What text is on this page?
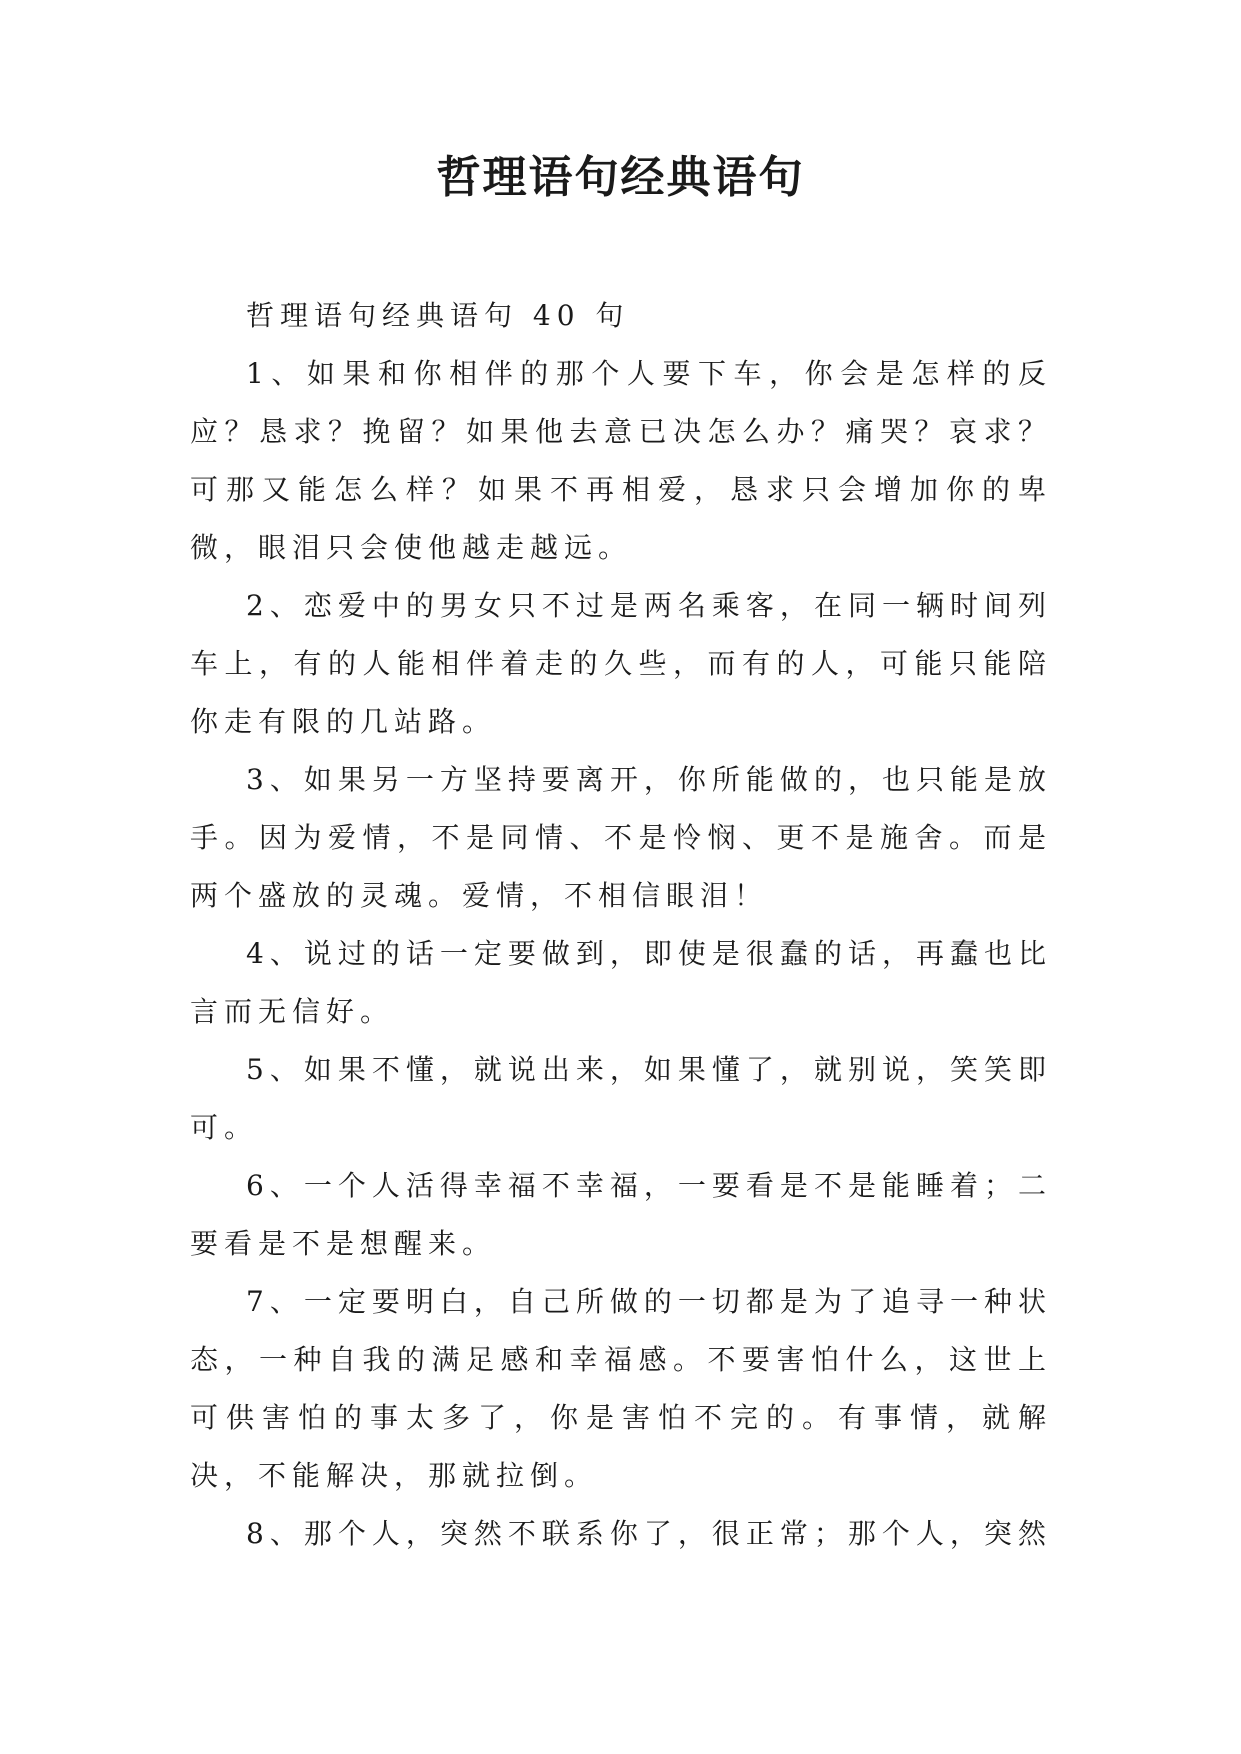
哲理语句经典语句

哲理语句经典语句 40 句

1、如果和你相伴的那个人要下车，你会是怎样的反应？恳求？挽留？如果他去意已决怎么办？痛哭？哀求？可那又能怎么样？如果不再相爱，恳求只会增加你的卑微，眼泪只会使他越走越远。

2、恋爱中的男女只不过是两名乘客，在同一辆时间列车上，有的人能相伴着走的久些，而有的人，可能只能陪你走有限的几站路。

3、如果另一方坚持要离开，你所能做的，也只能是放手。因为爱情，不是同情、不是怜悯、更不是施舍。而是两个盛放的灵魂。爱情，不相信眼泪！

4、说过的话一定要做到，即使是很蠢的话，再蠢也比言而无信好。

5、如果不懂，就说出来，如果懂了，就别说，笑笑即可。

6、一个人活得幸福不幸福，一要看是不是能睡着；二要看是不是想醒来。

7、一定要明白，自己所做的一切都是为了追寻一种状态，一种自我的满足感和幸福感。不要害怕什么，这世上可供害怕的事太多了，你是害怕不完的。有事情，就解决，不能解决，那就拉倒。

8、那个人，突然不联系你了，很正常；那个人，突然
